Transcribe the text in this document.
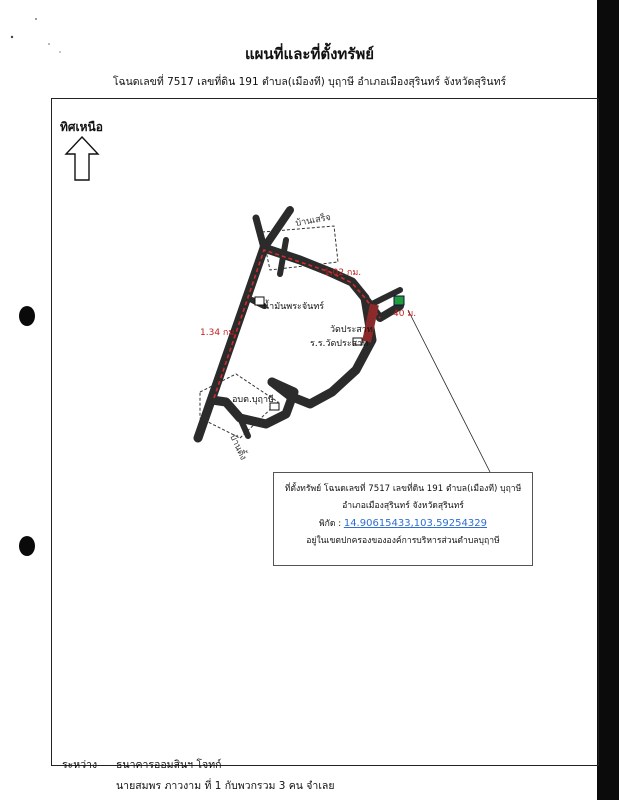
แผนที่และที่ตั้งทรัพย์
โฉนดเลขที่ 7517 เลขที่ดิน 191 ตำบล(เมืองที) บุฤาษี อำเภอเมืองสุรินทร์ จังหวัดสุรินทร์
ทิศเหนือ
บ้านเสร็จ
บ้านติ้ง
น้ำมันพระจันทร์
วัดประสาท
ร.ร.วัดประสาท
อบต.บุฤาษี
1.02 กม.
1.34 กม.
40 ม.
ที่ตั้งทรัพย์ โฉนดเลขที่ 7517 เลขที่ดิน 191 ตำบล(เมืองที) บุฤาษี
อำเภอเมืองสุรินทร์ จังหวัดสุรินทร์
พิกัด : 14.90615433,103.59254329
อยู่ในเขตปกครองขององค์การบริหารส่วนตำบลบุฤาษี
ระหว่าง ธนาคารออมสินฯ โจทก์
นายสมพร ภาวงาม ที่ 1 กับพวกรวม 3 คน จำเลย
